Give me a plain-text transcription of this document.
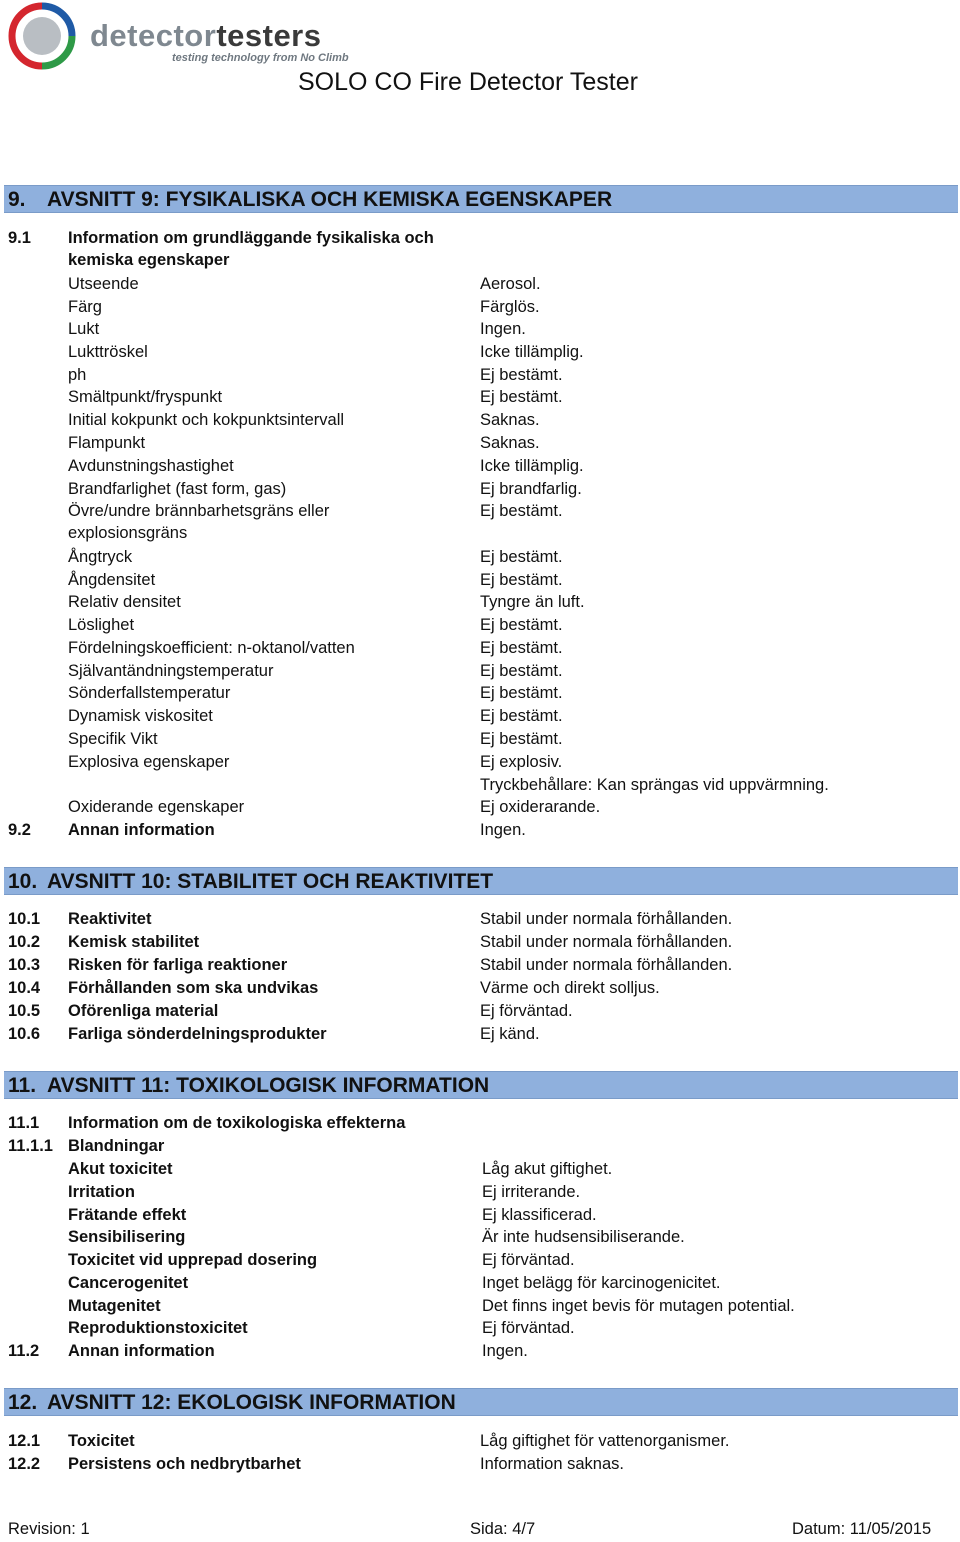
detectortesters
testing technology from No Climb
SOLO CO Fire Detector Tester
9. AVSNITT 9: FYSIKALISKA OCH KEMISKA EGENSKAPER
9.1 Information om grundläggande fysikaliska och kemiska egenskaper
Utseende	Aerosol.
Färg	Färglös.
Lukt	Ingen.
Lukttröskel	Icke tillämplig.
ph	Ej bestämt.
Smältpunkt/fryspunkt	Ej bestämt.
Initial kokpunkt och kokpunktsintervall	Saknas.
Flampunkt	Saknas.
Avdunstningshastighet	Icke tillämplig.
Brandfarlighet (fast form, gas)	Ej brandfarlig.
Övre/undre brännbarhetsgräns eller explosionsgräns
Ej bestämt.
Ångtryck	Ej bestämt.
Ångdensitet	Ej bestämt.
Relativ densitet	Tyngre än luft.
Löslighet	Ej bestämt.
Fördelningskoefficient: n-oktanol/vatten	Ej bestämt.
Självantändningstemperatur	Ej bestämt.
Sönderfallstemperatur	Ej bestämt.
Dynamisk viskositet	Ej bestämt.
Specifik Vikt	Ej bestämt.
Explosiva egenskaper	Ej explosiv.
Tryckbehållare: Kan sprängas vid uppvärmning.
Oxiderande egenskaper	Ej oxiderarande.
9.2 Annan information	Ingen.
10. AVSNITT 10: STABILITET OCH REAKTIVITET
10.1 Reaktivitet	Stabil under normala förhållanden.
10.2 Kemisk stabilitet	Stabil under normala förhållanden.
10.3 Risken för farliga reaktioner	Stabil under normala förhållanden.
10.4 Förhållanden som ska undvikas	Värme och direkt solljus.
10.5 Oförenliga material	Ej förväntad.
10.6 Farliga sönderdelningsprodukter	Ej känd.
11. AVSNITT 11: TOXIKOLOGISK INFORMATION
11.1 Information om de toxikologiska effekterna
11.1.1 Blandningar
Akut toxicitet	Låg akut giftighet.
Irritation	Ej irriterande.
Frätande effekt	Ej klassificerad.
Sensibilisering	Är inte hudsensibiliserande.
Toxicitet vid upprepad dosering	Ej förväntad.
Cancerogenitet	Inget belägg för karcinogenicitet.
Mutagenitet	Det finns inget bevis för mutagen potential.
Reproduktionstoxicitet	Ej förväntad.
11.2 Annan information	Ingen.
12. AVSNITT 12: EKOLOGISK INFORMATION
12.1 Toxicitet	Låg giftighet för vattenorganismer.
12.2 Persistens och nedbrytbarhet	Information saknas.
Revision: 1	Sida: 4/7	Datum: 11/05/2015
